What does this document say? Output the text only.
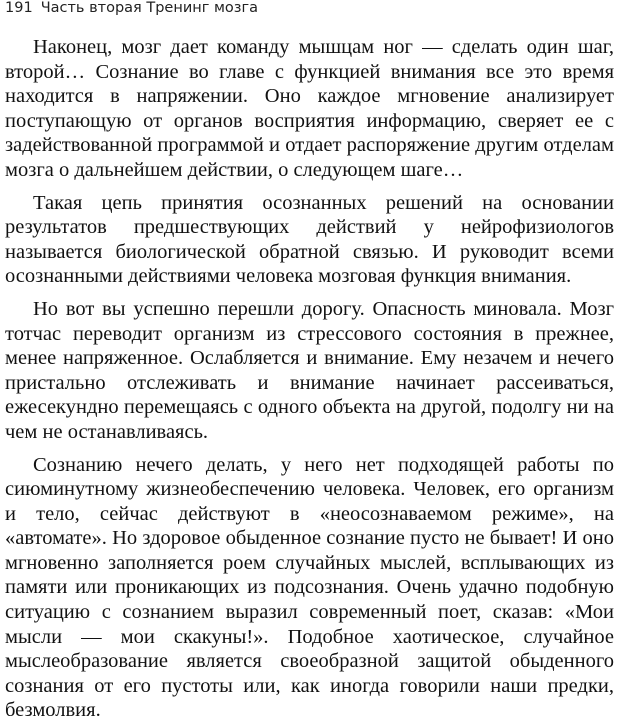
191 Часть вторая Тренинг мозга

Наконец, мозг дает команду мышцам ног — сделать один шаг, второй… Сознание во главе с функцией внимания все это время находится в напряжении. Оно каждое мгновение анализирует поступающую от органов восприятия информацию, сверяет ее с задействованной программой и отдает распоряжение другим отделам мозга о дальнейшем действии, о следующем шаге…

Такая цепь принятия осознанных решений на основании результатов предшествующих действий у нейрофизиологов называется биологической обратной связью. И руководит всеми осознанными действиями человека мозговая функция внимания.

Но вот вы успешно перешли дорогу. Опасность миновала. Мозг тотчас переводит организм из стрессового состояния в прежнее, менее напряженное. Ослабляется и внимание. Ему незачем и нечего пристально отслеживать и внимание начинает рассеиваться, ежесекундно перемещаясь с одного объекта на другой, подолгу ни на чем не останавливаясь.

Сознанию нечего делать, у него нет подходящей работы по сиюминутному жизнеобеспечению человека. Человек, его организм и тело, сейчас действуют в «неосознаваемом режиме», на «автомате». Но здоровое обыденное сознание пусто не бывает! И оно мгновенно заполняется роем случайных мыслей, всплывающих из памяти или проникающих из подсознания. Очень удачно подобную ситуацию с сознанием выразил современный поет, сказав: «Мои мысли — мои скакуны!». Подобное хаотическое, случайное мыслеобразование является своеобразной защитой обыденного сознания от его пустоты или, как иногда говорили наши предки, безмолвия.
